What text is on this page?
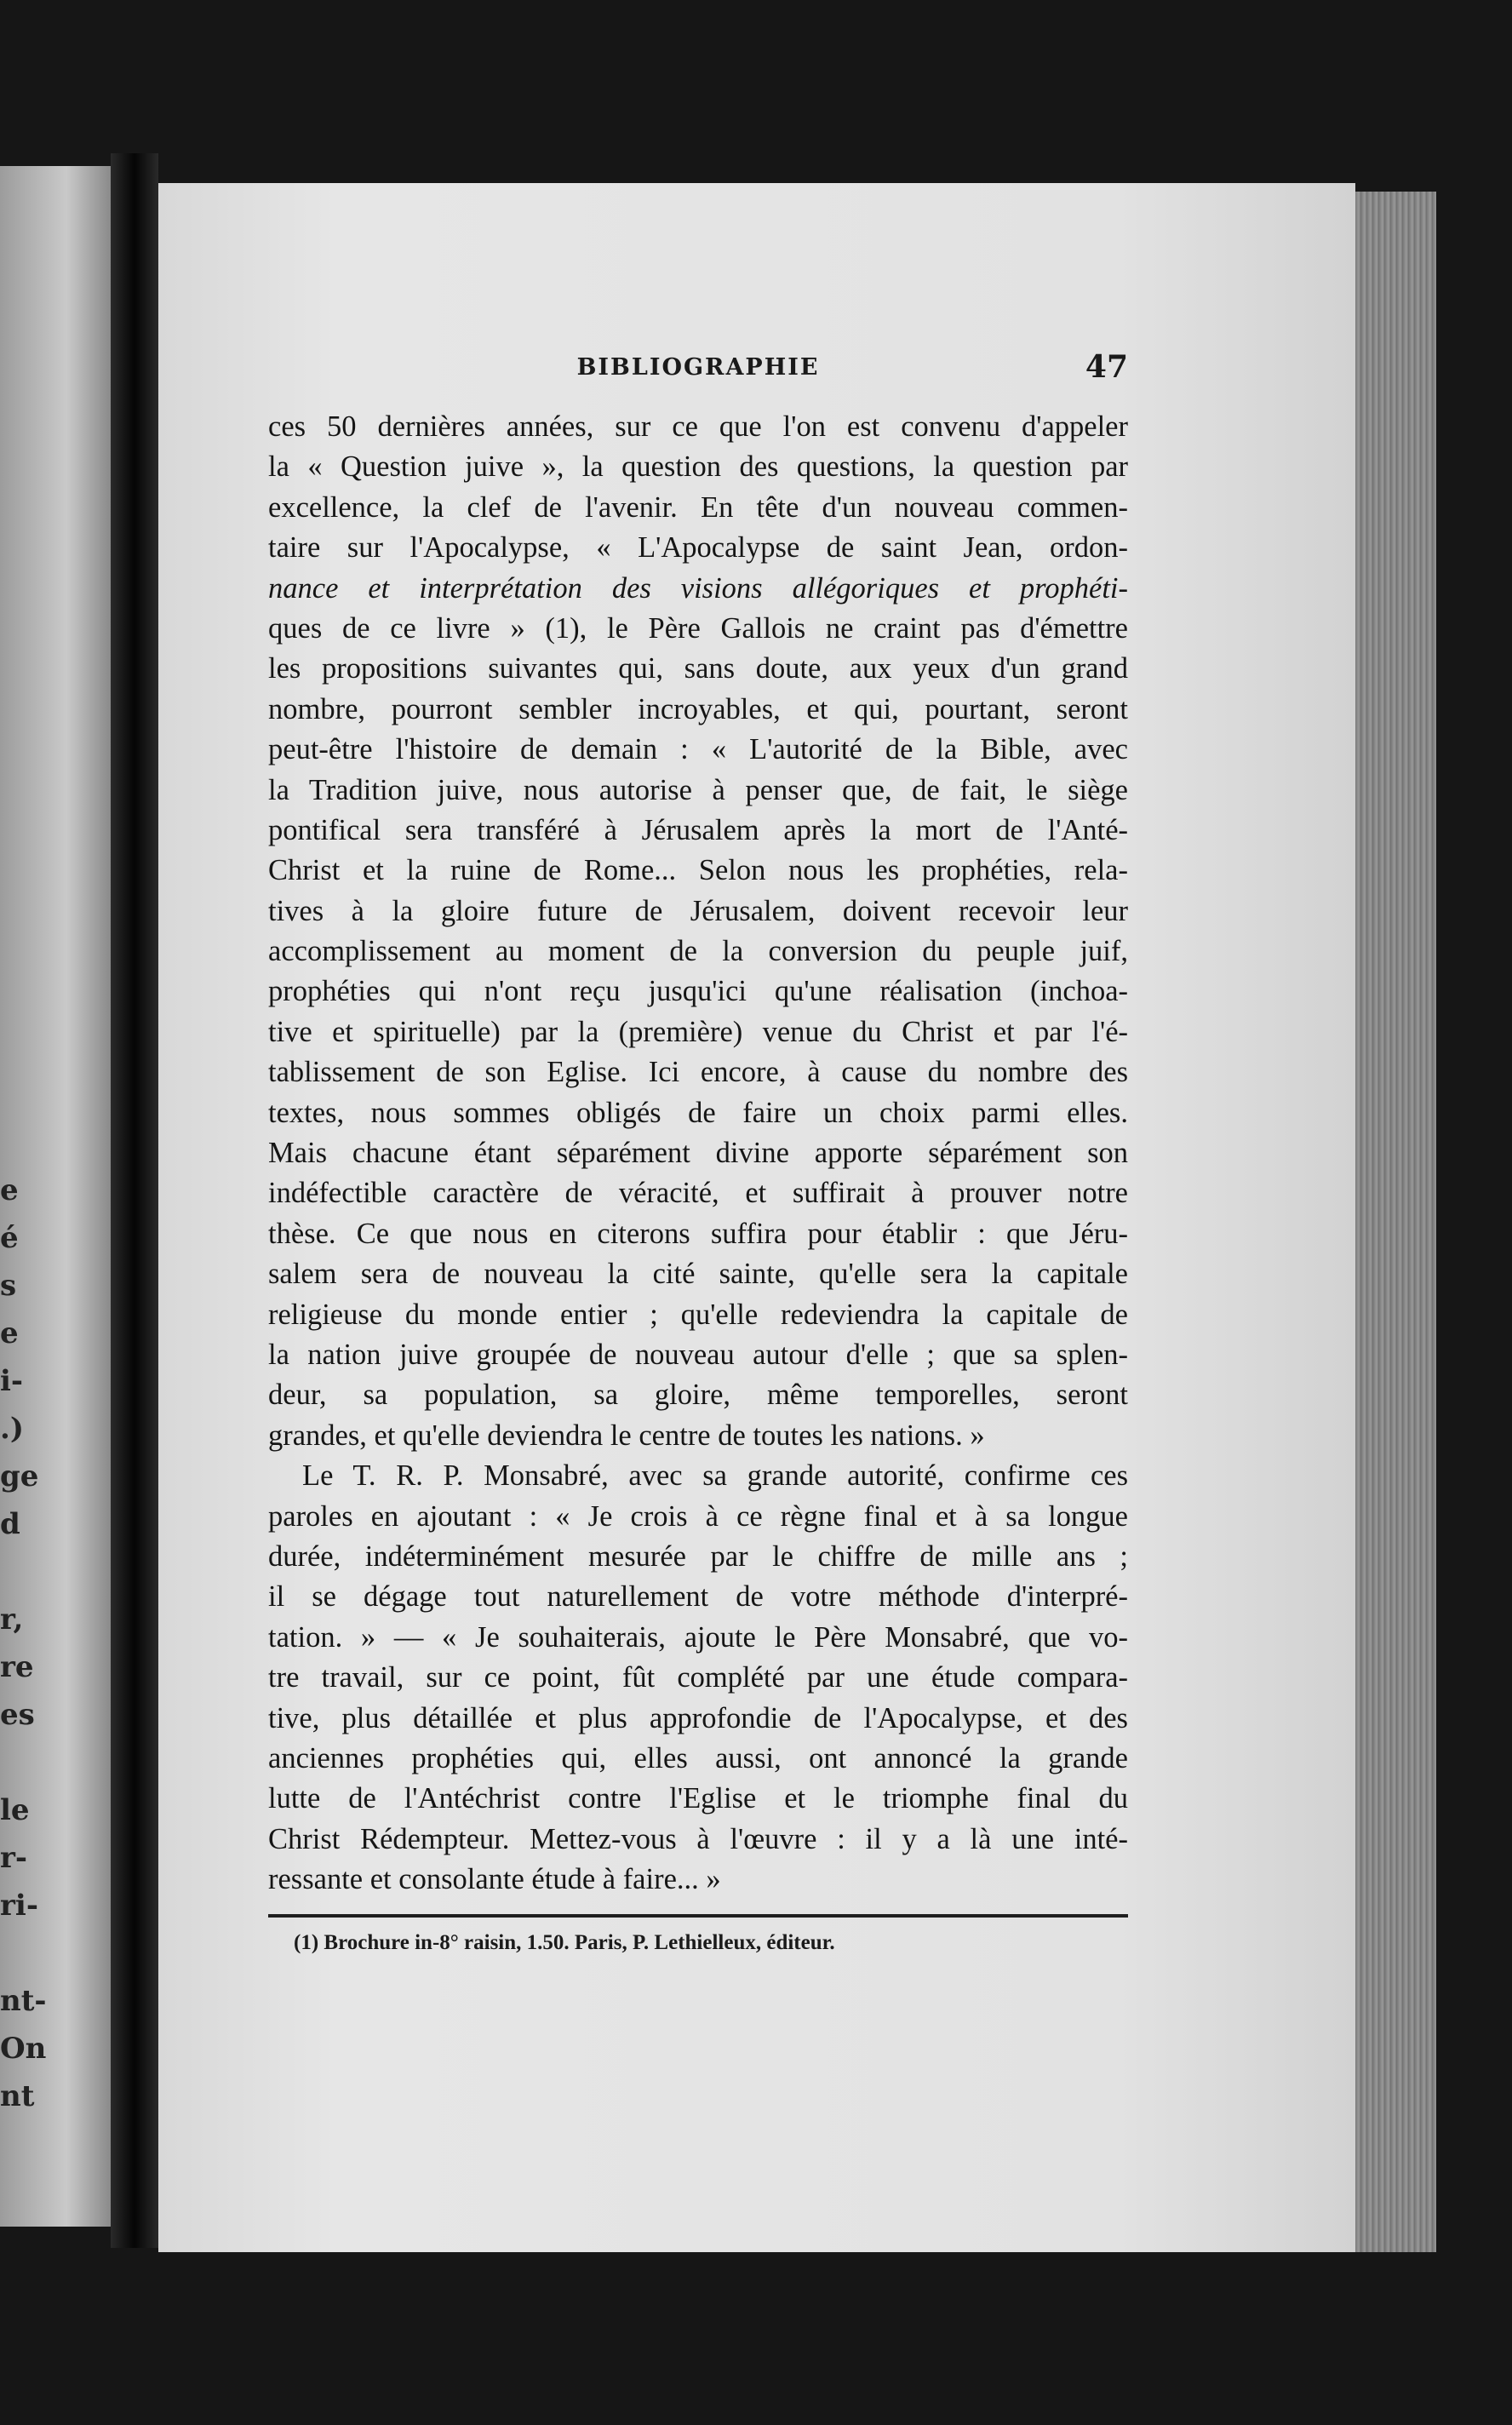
e
é
s
e
i-
.)
ge
d
r,
re
es
le
r-
ri-
nt-
On
nt
BIBLIOGRAPHIE	47
ces 50 dernières années, sur ce que l'on est convenu d'appeler
la « Question juive », la question des questions, la question par
excellence, la clef de l'avenir. En tête d'un nouveau commen-
taire sur l'Apocalypse, « L'Apocalypse de saint Jean, ordon-
nance et interprétation des visions allégoriques et prophéti-
ques de ce livre » (1), le Père Gallois ne craint pas d'émettre
les propositions suivantes qui, sans doute, aux yeux d'un grand
nombre, pourront sembler incroyables, et qui, pourtant, seront
peut-être l'histoire de demain : « L'autorité de la Bible, avec
la Tradition juive, nous autorise à penser que, de fait, le siège
pontifical sera transféré à Jérusalem après la mort de l'Anté-
Christ et la ruine de Rome... Selon nous les prophéties, rela-
tives à la gloire future de Jérusalem, doivent recevoir leur
accomplissement au moment de la conversion du peuple juif,
prophéties qui n'ont reçu jusqu'ici qu'une réalisation (inchoa-
tive et spirituelle) par la (première) venue du Christ et par l'é-
tablissement de son Eglise. Ici encore, à cause du nombre des
textes, nous sommes obligés de faire un choix parmi elles.
Mais chacune étant séparément divine apporte séparément son
indéfectible caractère de véracité, et suffirait à prouver notre
thèse. Ce que nous en citerons suffira pour établir : que Jéru-
salem sera de nouveau la cité sainte, qu'elle sera la capitale
religieuse du monde entier ; qu'elle redeviendra la capitale de
la nation juive groupée de nouveau autour d'elle ; que sa splen-
deur, sa population, sa gloire, même temporelles, seront
grandes, et qu'elle deviendra le centre de toutes les nations. »
Le T. R. P. Monsabré, avec sa grande autorité, confirme ces
paroles en ajoutant : « Je crois à ce règne final et à sa longue
durée, indéterminément mesurée par le chiffre de mille ans ;
il se dégage tout naturellement de votre méthode d'interpré-
tation. » — « Je souhaiterais, ajoute le Père Monsabré, que vo-
tre travail, sur ce point, fût complété par une étude compara-
tive, plus détaillée et plus approfondie de l'Apocalypse, et des
anciennes prophéties qui, elles aussi, ont annoncé la grande
lutte de l'Antéchrist contre l'Eglise et le triomphe final du
Christ Rédempteur. Mettez-vous à l'œuvre : il y a là une inté-
ressante et consolante étude à faire... »
(1) Brochure in-8° raisin, 1.50. Paris, P. Lethielleux, éditeur.
